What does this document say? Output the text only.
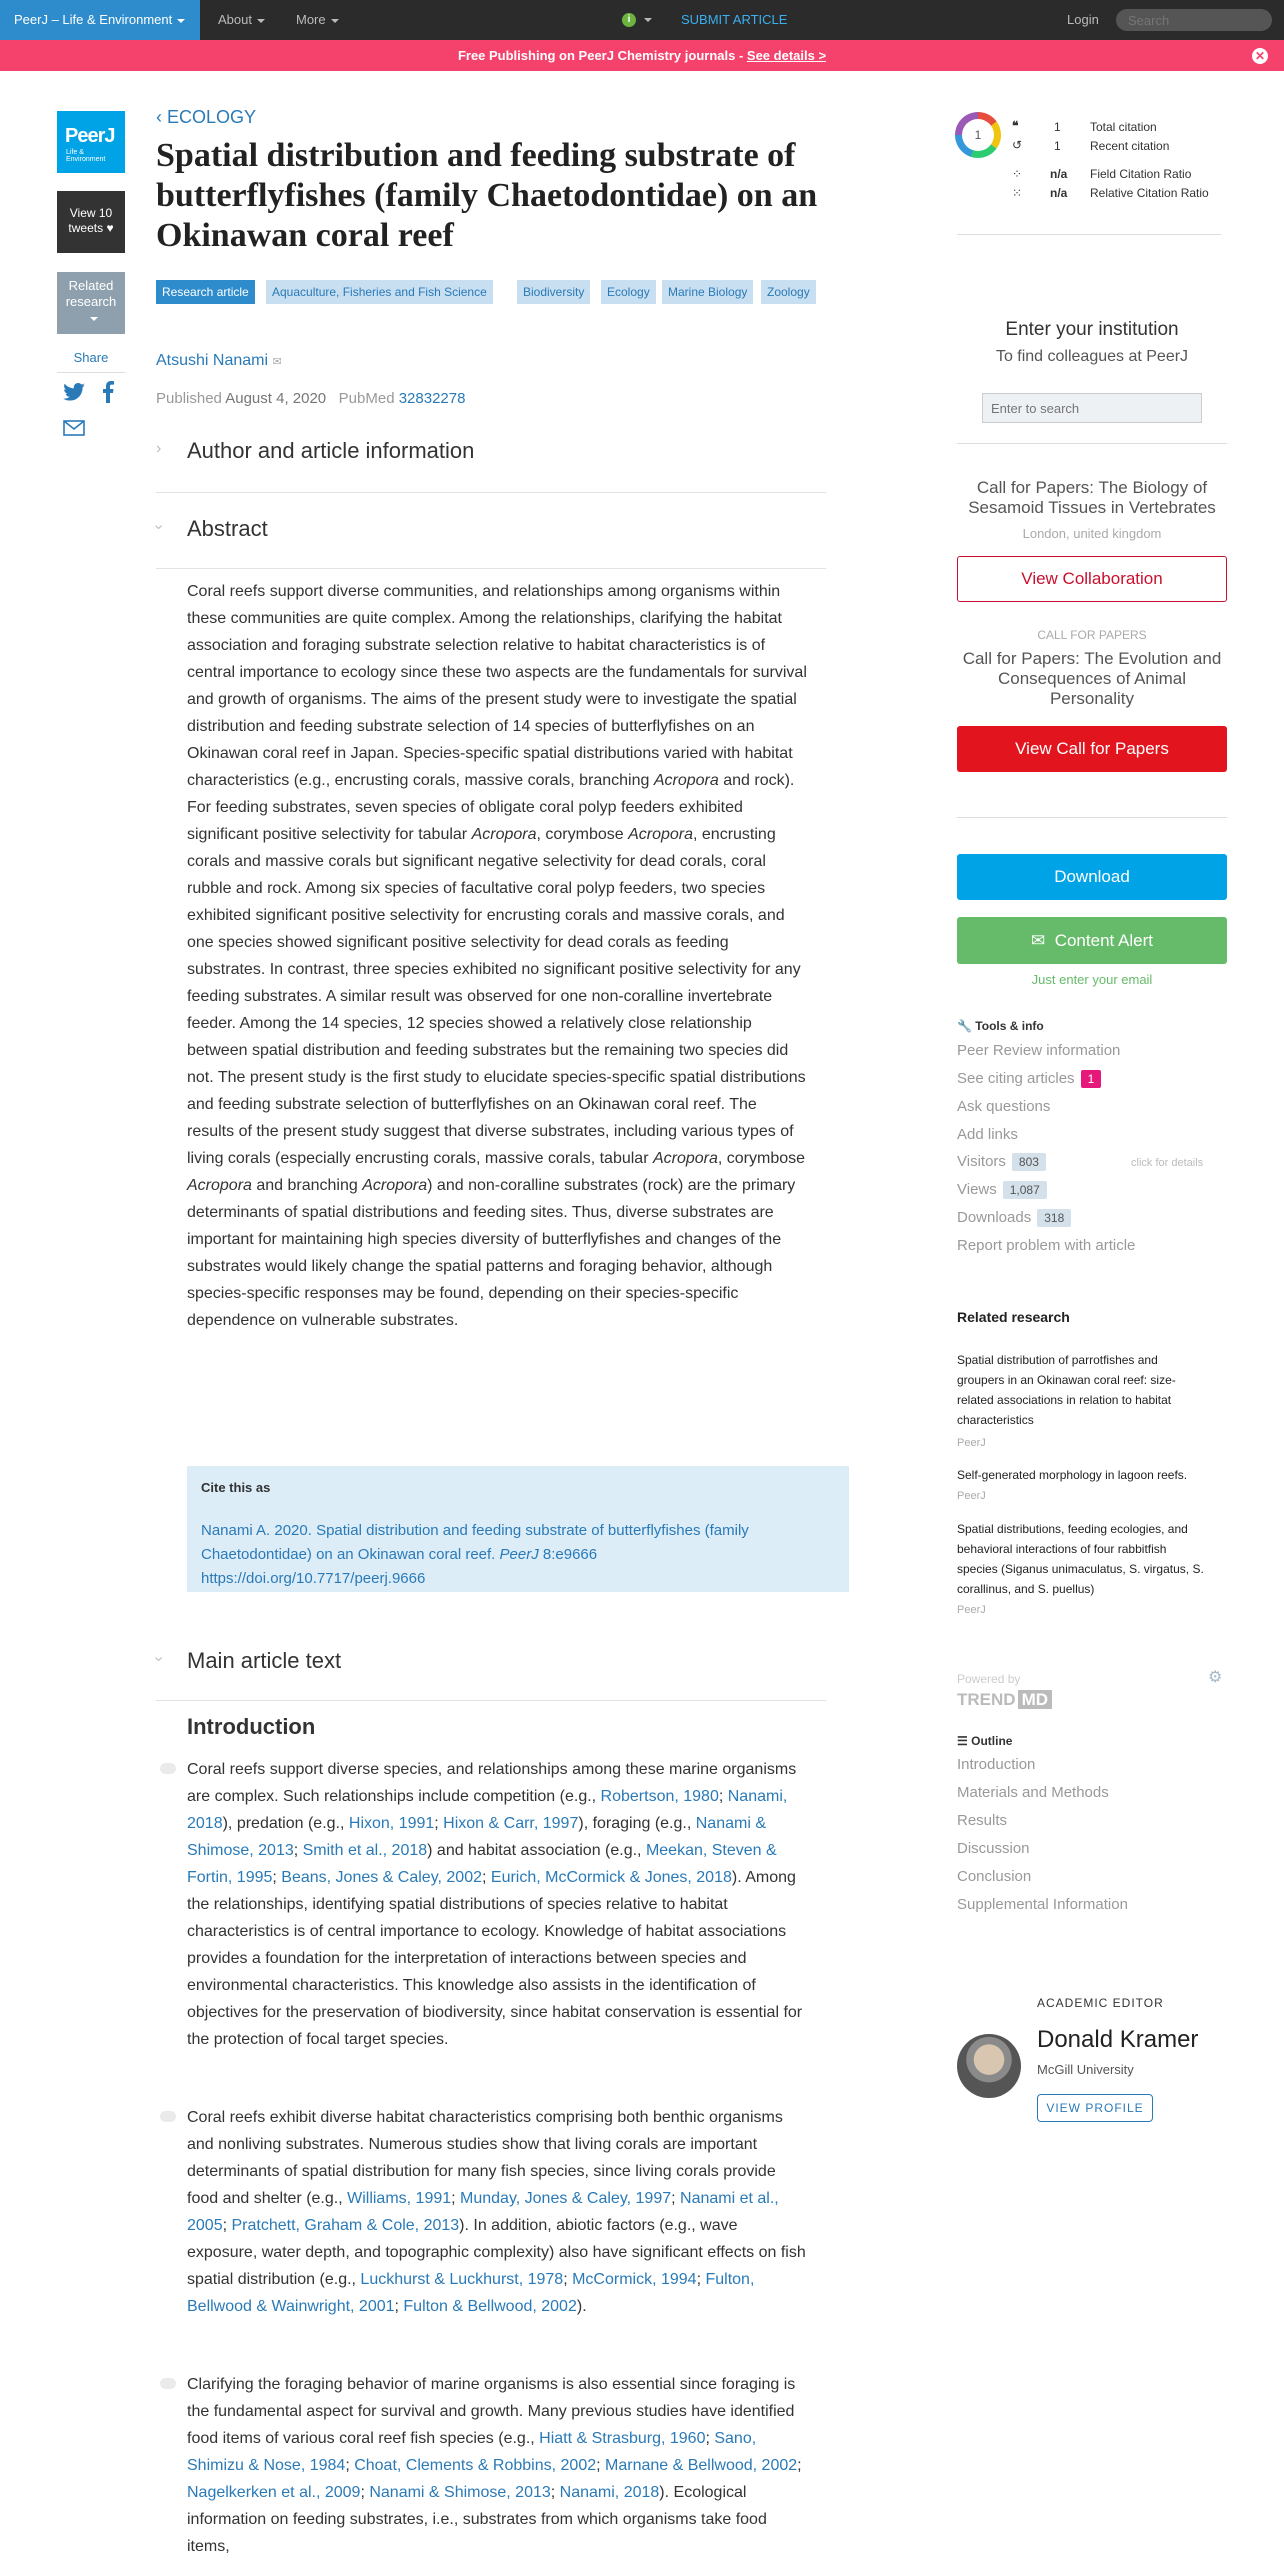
PeerJ – Life & Environment	About	More	i	SUBMIT ARTICLE	Login
Search
Free Publishing on PeerJ Chemistry journals - See details >	✕
PeerJ
Life & Environment
View 10
tweets ♥
Related
research
Share
‹ ECOLOGY
Spatial distribution and feeding substrate of butterflyfishes (family Chaetodontidae) on an Okinawan coral reef
Research article	Aquaculture, Fisheries and Fish Science	Biodiversity	Ecology	Marine Biology	Zoology
Atsushi Nanami ✉
Published August 4, 2020 PubMed 32832278
› Author and article information
› Abstract

Coral reefs support diverse communities, and relationships among organisms within these communities are quite complex. Among the relationships, clarifying the habitat association and foraging substrate selection relative to habitat characteristics is of central importance to ecology since these two aspects are the fundamentals for survival and growth of organisms. The aims of the present study were to investigate the spatial distribution and feeding substrate selection of 14 species of butterflyfishes on an Okinawan coral reef in Japan. Species-specific spatial distributions varied with habitat characteristics (e.g., encrusting corals, massive corals, branching Acropora and rock). For feeding substrates, seven species of obligate coral polyp feeders exhibited significant positive selectivity for tabular Acropora, corymbose Acropora, encrusting corals and massive corals but significant negative selectivity for dead corals, coral rubble and rock. Among six species of facultative coral polyp feeders, two species exhibited significant positive selectivity for encrusting corals and massive corals, and one species showed significant positive selectivity for dead corals as feeding substrates. In contrast, three species exhibited no significant positive selectivity for any feeding substrates. A similar result was observed for one non-coralline invertebrate feeder. Among the 14 species, 12 species showed a relatively close relationship between spatial distribution and feeding substrates but the remaining two species did not. The present study is the first study to elucidate species-specific spatial distributions and feeding substrate selection of butterflyfishes on an Okinawan coral reef. The results of the present study suggest that diverse substrates, including various types of living corals (especially encrusting corals, massive corals, tabular Acropora, corymbose Acropora and branching Acropora) and non-coralline substrates (rock) are the primary determinants of spatial distributions and feeding sites. Thus, diverse substrates are important for maintaining high species diversity of butterflyfishes and changes of the substrates would likely change the spatial patterns and foraging behavior, although species-specific responses may be found, depending on their species-specific dependence on vulnerable substrates.

Cite this as
Nanami A. 2020. Spatial distribution and feeding substrate of butterflyfishes (family Chaetodontidae) on an Okinawan coral reef. PeerJ 8:e9666
https://doi.org/10.7717/peerj.9666
› Main article text
Introduction

Coral reefs support diverse species, and relationships among these marine organisms are complex. Such relationships include competition (e.g., Robertson, 1980; Nanami, 2018), predation (e.g., Hixon, 1991; Hixon & Carr, 1997), foraging (e.g., Nanami & Shimose, 2013; Smith et al., 2018) and habitat association (e.g., Meekan, Steven & Fortin, 1995; Beans, Jones & Caley, 2002; Eurich, McCormick & Jones, 2018). Among the relationships, identifying spatial distributions of species relative to habitat characteristics is of central importance to ecology. Knowledge of habitat associations provides a foundation for the interpretation of interactions between species and environmental characteristics. This knowledge also assists in the identification of objectives for the preservation of biodiversity, since habitat conservation is essential for the protection of focal target species.

Coral reefs exhibit diverse habitat characteristics comprising both benthic organisms and nonliving substrates. Numerous studies show that living corals are important determinants of spatial distribution for many fish species, since living corals provide food and shelter (e.g., Williams, 1991; Munday, Jones & Caley, 1997; Nanami et al., 2005; Pratchett, Graham & Cole, 2013). In addition, abiotic factors (e.g., wave exposure, water depth, and topographic complexity) also have significant effects on fish spatial distribution (e.g., Luckhurst & Luckhurst, 1978; McCormick, 1994; Fulton, Bellwood & Wainwright, 2001; Fulton & Bellwood, 2002).

Clarifying the foraging behavior of marine organisms is also essential since foraging is the fundamental aspect for survival and growth. Many previous studies have identified food items of various coral reef fish species (e.g., Hiatt & Strasburg, 1960; Sano, Shimizu & Nose, 1984; Choat, Clements & Robbins, 2002; Marnane & Bellwood, 2002; Nagelkerken et al., 2009; Nanami & Shimose, 2013; Nanami, 2018). Ecological information on feeding substrates, i.e., substrates from which organisms take food items,

1
❝	1 Total citation
↺	1 Recent citation
⁘ n/a Field Citation Ratio
⁙ n/a Relative Citation Ratio
Enter your institution
To find colleagues at PeerJ
Enter to search
Call for Papers: The Biology of Sesamoid Tissues in Vertebrates
London, united kingdom
View Collaboration
CALL FOR PAPERS
Call for Papers: The Evolution and Consequences of Animal Personality
View Call for Papers
Download
✉ Content Alert
Just enter your email
🔧 Tools & info
Peer Review information
See citing articles 1
Ask questions
Add links
Visitors 803	click for details
Views 1,087
Downloads 318
Report problem with article
Related research
Spatial distribution of parrotfishes and groupers in an Okinawan coral reef: size-related associations in relation to habitat characteristics
PeerJ
Self-generated morphology in lagoon reefs.
PeerJ
Spatial distributions, feeding ecologies, and behavioral interactions of four rabbitfish species (Siganus unimaculatus, S. virgatus, S. corallinus, and S. puellus)
PeerJ
Powered by
TREND MD
⚙
☰ Outline
Introduction
Materials and Methods
Results
Discussion
Conclusion
Supplemental Information
ACADEMIC EDITOR
Donald Kramer
McGill University
VIEW PROFILE
